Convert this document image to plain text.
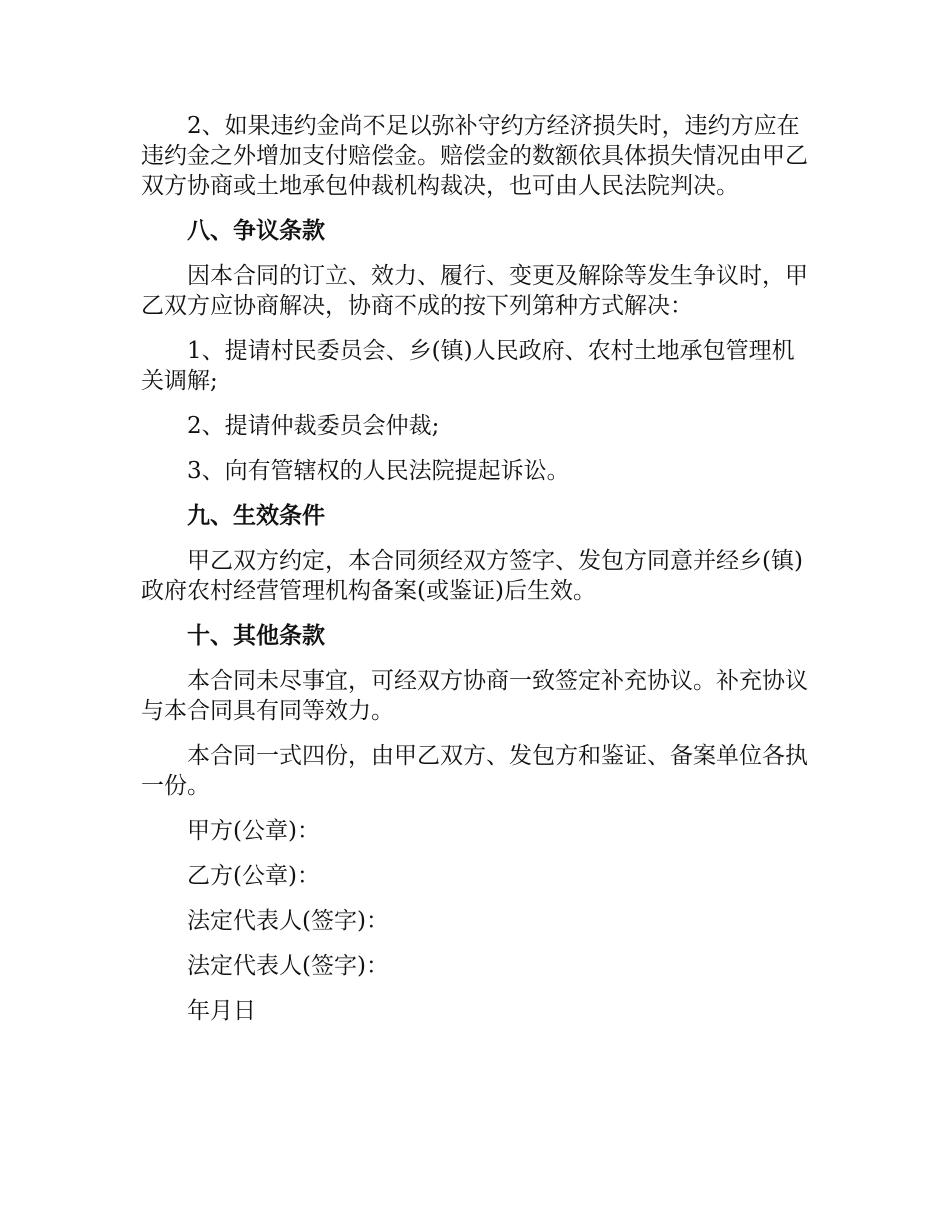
2、如果违约金尚不足以弥补守约方经济损失时，违约方应在违约金之外增加支付赔偿金。赔偿金的数额依具体损失情况由甲乙双方协商或土地承包仲裁机构裁决，也可由人民法院判决。

八、争议条款

因本合同的订立、效力、履行、变更及解除等发生争议时，甲乙双方应协商解决，协商不成的按下列第种方式解决：

1、提请村民委员会、乡(镇)人民政府、农村土地承包管理机关调解;

2、提请仲裁委员会仲裁;

3、向有管辖权的人民法院提起诉讼。

九、生效条件

甲乙双方约定，本合同须经双方签字、发包方同意并经乡(镇)政府农村经营管理机构备案(或鉴证)后生效。

十、其他条款

本合同未尽事宜，可经双方协商一致签定补充协议。补充协议与本合同具有同等效力。

本合同一式四份，由甲乙双方、发包方和鉴证、备案单位各执一份。

甲方(公章)：

乙方(公章)：

法定代表人(签字)：

法定代表人(签字)：

年月日
